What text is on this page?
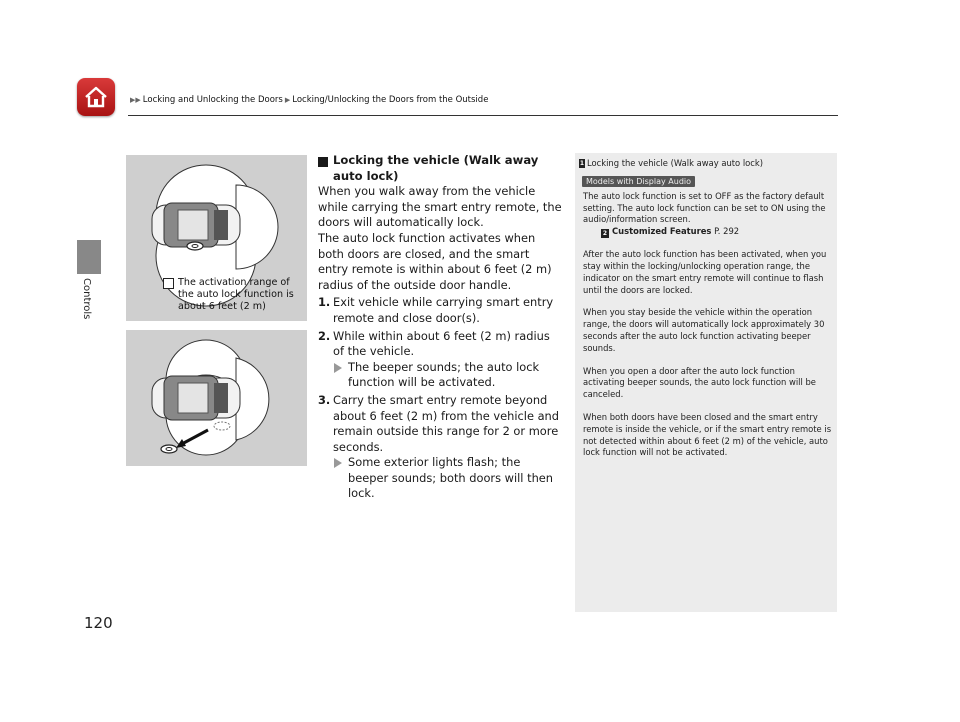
▶▶ Locking and Unlocking the Doors ▶ Locking/Unlocking the Doors from the Outside
Controls	The activation range of the auto lock function is about 6 feet (2 m)
Locking the vehicle (Walk away auto lock)
When you walk away from the vehicle while carrying the smart entry remote, the doors will automatically lock.
The auto lock function activates when both doors are closed, and the smart entry remote is within about 6 feet (2 m) radius of the outside door handle.
1. Exit vehicle while carrying smart entry remote and close door(s).
2. While within about 6 feet (2 m) radius of the vehicle.
The beeper sounds; the auto lock function will be activated.
3. Carry the smart entry remote beyond about 6 feet (2 m) from the vehicle and remain outside this range for 2 or more seconds.
Some exterior lights flash; the beeper sounds; both doors will then lock.
1 Locking the vehicle (Walk away auto lock)
Models with Display Audio

The auto lock function is set to OFF as the factory default setting. The auto lock function can be set to ON using the audio/information screen.
2 Customized Features P. 292

After the auto lock function has been activated, when you stay within the locking/unlocking operation range, the indicator on the smart entry remote will continue to flash until the doors are locked.

When you stay beside the vehicle within the operation range, the doors will automatically lock approximately 30 seconds after the auto lock function activating beeper sounds.

When you open a door after the auto lock function activating beeper sounds, the auto lock function will be canceled.

When both doors have been closed and the smart entry remote is inside the vehicle, or if the smart entry remote is not detected within about 6 feet (2 m) of the vehicle, auto lock function will not be activated.

120
